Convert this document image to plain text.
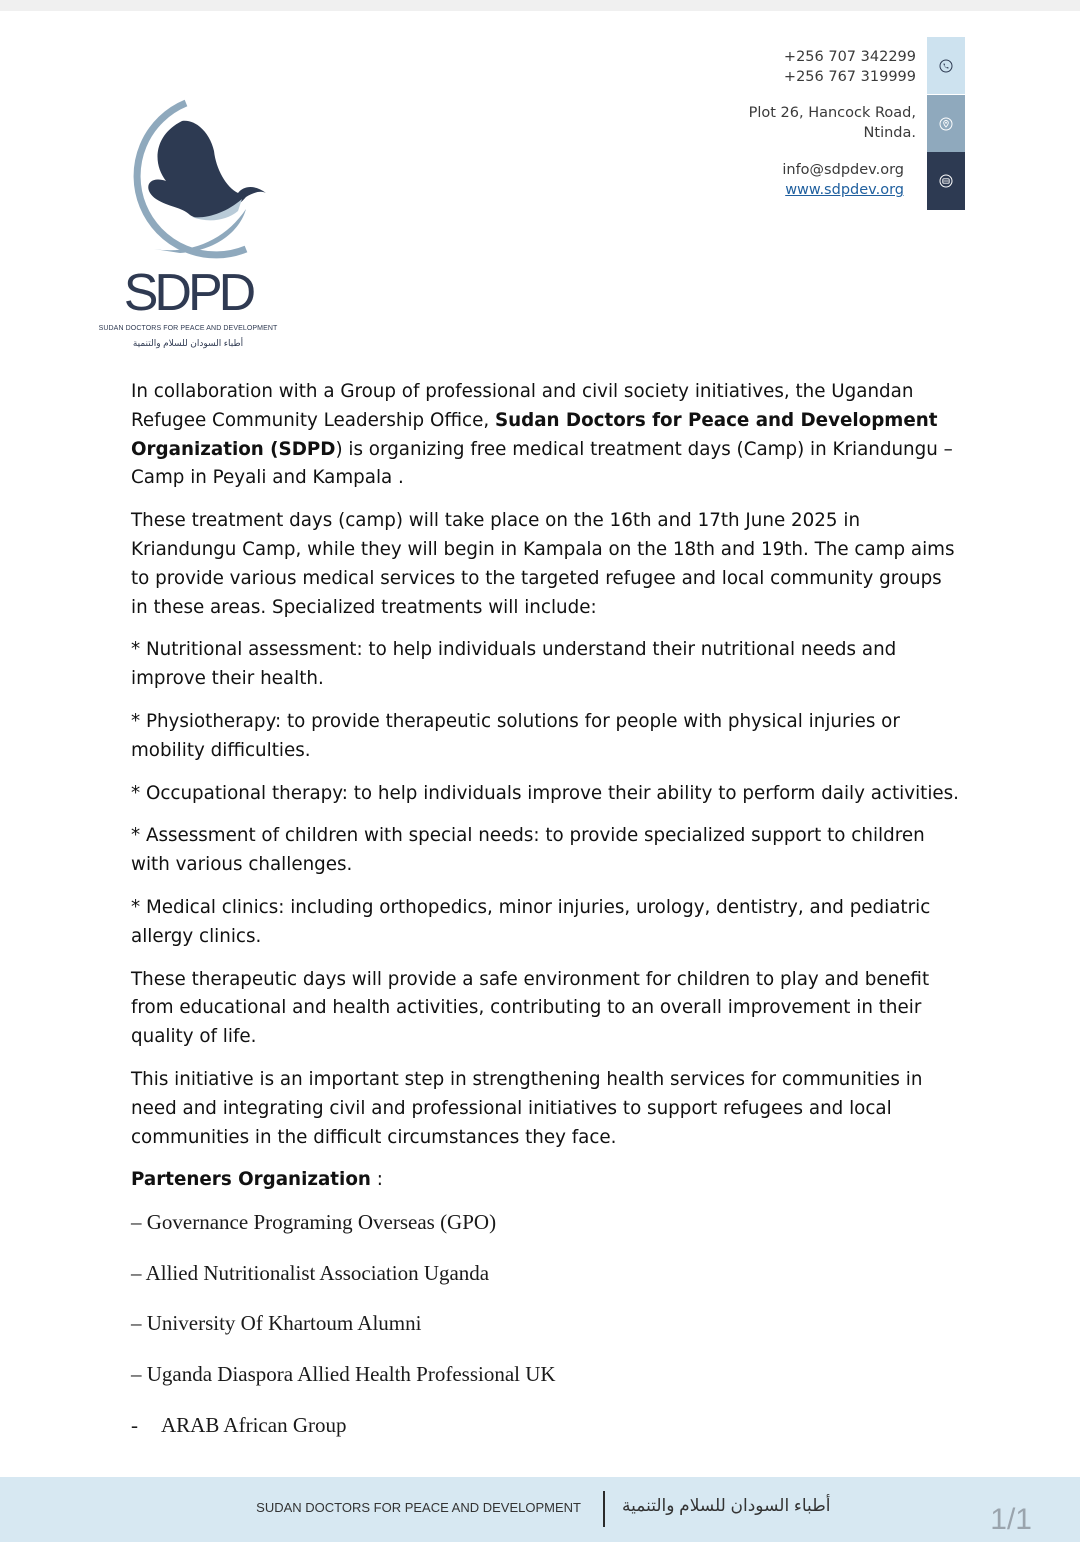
SDPD
SUDAN DOCTORS FOR PEACE AND DEVELOPMENT
أطباء السودان للسلام والتنمية
+256 707 342299
+256 767 319999
Plot 26, Hancock Road,
Ntinda.
info@sdpdev.org
www.sdpdev.org

In collaboration with a Group of professional and civil society initiatives, the Ugandan Refugee Community Leadership Office, Sudan Doctors for Peace and Development Organization (SDPD) is organizing free medical treatment days (Camp) in Kriandungu – Camp in Peyali and Kampala .

These treatment days (camp) will take place on the 16th and 17th June 2025 in Kriandungu Camp, while they will begin in Kampala on the 18th and 19th. The camp aims to provide various medical services to the targeted refugee and local community groups in these areas. Specialized treatments will include:

* Nutritional assessment: to help individuals understand their nutritional needs and improve their health.

* Physiotherapy: to provide therapeutic solutions for people with physical injuries or mobility difficulties.

* Occupational therapy: to help individuals improve their ability to perform daily activities.

* Assessment of children with special needs: to provide specialized support to children with various challenges.

* Medical clinics: including orthopedics, minor injuries, urology, dentistry, and pediatric allergy clinics.

These therapeutic days will provide a safe environment for children to play and benefit from educational and health activities, contributing to an overall improvement in their quality of life.

This initiative is an important step in strengthening health services for communities in need and integrating civil and professional initiatives to support refugees and local communities in the difficult circumstances they face.

Parteners Organization :

– Governance Programing Overseas (GPO)
– Allied Nutritionalist Association Uganda
– University Of Khartoum Alumni
– Uganda Diaspora Allied Health Professional UK
- ARAB African Group
SUDAN DOCTORS FOR PEACE AND DEVELOPMENT أطباء السودان للسلام والتنمية	1/1
